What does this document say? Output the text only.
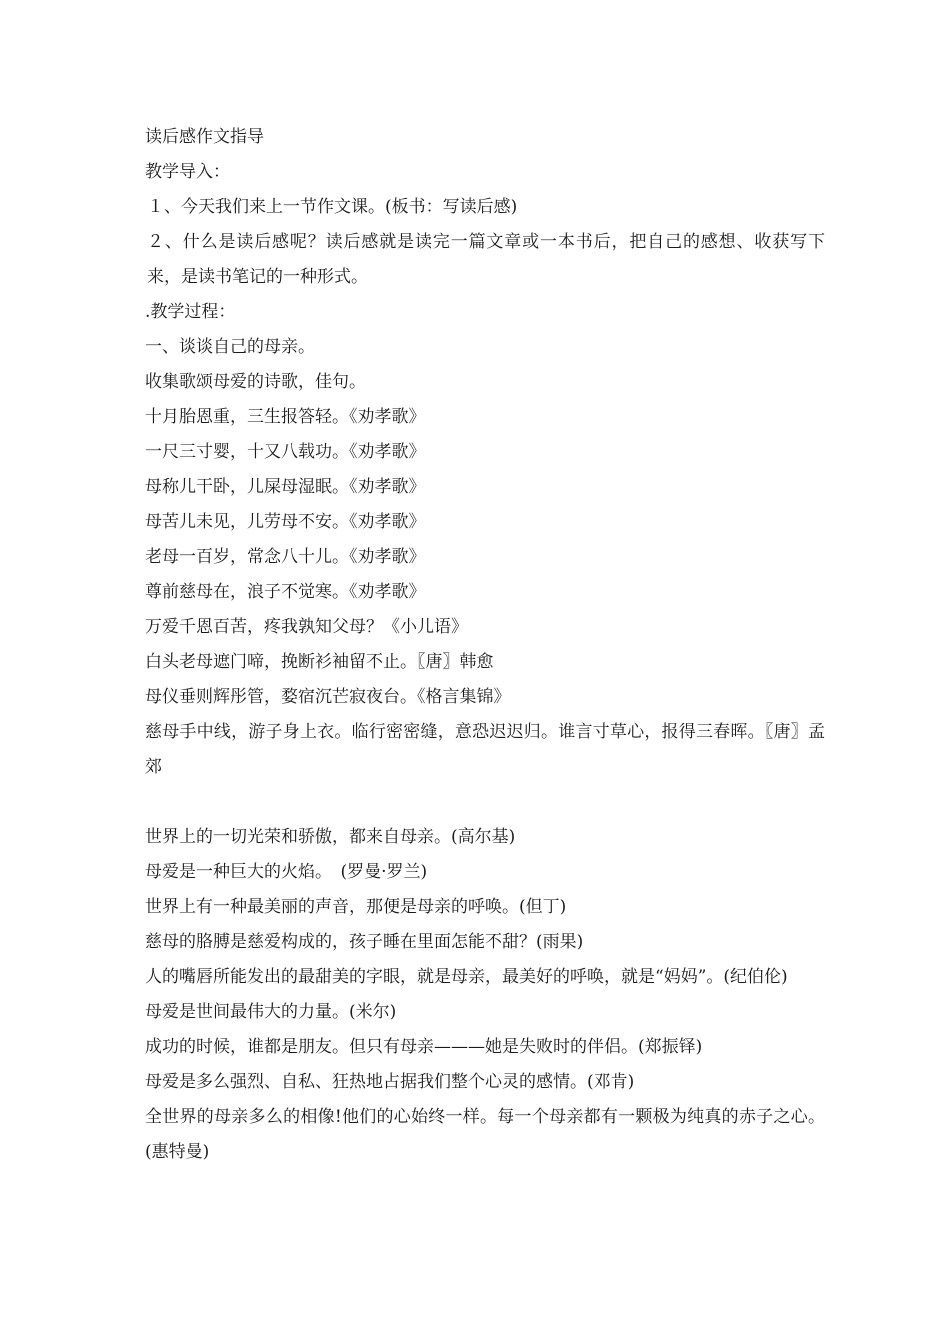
读后感作文指导
教学导入：
１、今天我们来上一节作文课。(板书：写读后感)
２、什么是读后感呢？读后感就是读完一篇文章或一本书后，把自己的感想、收获写下来，是读书笔记的一种形式。
.教学过程：
一、谈谈自己的母亲。
收集歌颂母爱的诗歌，佳句。
十月胎恩重，三生报答轻。《劝孝歌》
一尺三寸婴，十又八载功。《劝孝歌》
母称儿干卧，儿屎母湿眠。《劝孝歌》
母苦儿未见，儿劳母不安。《劝孝歌》
老母一百岁，常念八十儿。《劝孝歌》
尊前慈母在，浪子不觉寒。《劝孝歌》
万爱千恩百苦，疼我孰知父母？《小儿语》
白头老母遮门啼，挽断衫袖留不止。〖唐〗韩愈
母仪垂则辉彤管，婺宿沉芒寂夜台。《格言集锦》
慈母手中线，游子身上衣。临行密密缝，意恐迟迟归。谁言寸草心，报得三春晖。〖唐〗孟郊
世界上的一切光荣和骄傲，都来自母亲。(高尔基)
母爱是一种巨大的火焰。　(罗曼·罗兰)
世界上有一种最美丽的声音，那便是母亲的呼唤。(但丁)
慈母的胳膊是慈爱构成的，孩子睡在里面怎能不甜？(雨果)
人的嘴唇所能发出的最甜美的字眼，就是母亲，最美好的呼唤，就是“妈妈”。(纪伯伦)
母爱是世间最伟大的力量。(米尔)
成功的时候，谁都是朋友。但只有母亲———她是失败时的伴侣。(郑振铎)
母爱是多么强烈、自私、狂热地占据我们整个心灵的感情。(邓肯)
全世界的母亲多么的相像!他们的心始终一样。每一个母亲都有一颗极为纯真的赤子之心。(惠特曼)
